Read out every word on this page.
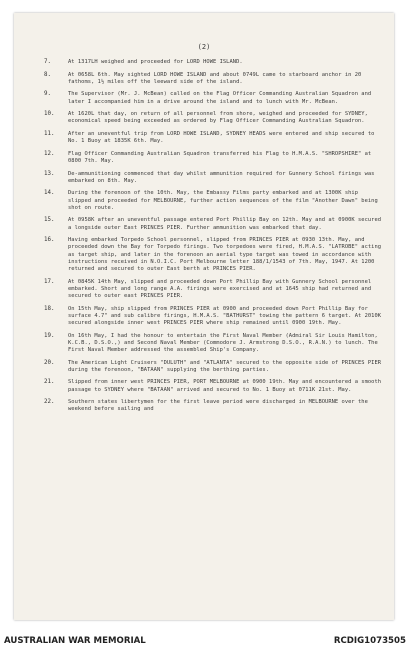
(2)
7.	At 1317LH weighed and proceeded for LORD HOWE ISLAND.
8.	At 0658L 6th. May sighted LORD HOWE ISLAND and about 0749L came to starboard anchor in 20 fathoms, 1½ miles off the leeward side of the island.
9.	The Supervisor (Mr. J. McBean) called on the Flag Officer Commanding Australian Squadron and later I accompanied him in a drive around the island and to lunch with Mr. McBean.
10.	At 1620L that day, on return of all personnel from shore, weighed and proceeded for SYDNEY, economical speed being exceeded as ordered by Flag Officer Commanding Australian Squadron.
11.	After an uneventful trip from LORD HOWE ISLAND, SYDNEY HEADS were entered and ship secured to No. 1 Buoy at 1835K 6th. May.
12.	Flag Officer Commanding Australian Squadron transferred his Flag to H.M.A.S. "SHROPSHIRE" at 0800 7th. May.
13.	De-ammunitioning commenced that day whilst ammunition required for Gunnery School firings was embarked on 8th. May.
14.	During the forenoon of the 10th. May, the Embassy Films party embarked and at 1300K ship slipped and proceeded for MELBOURNE, further action sequences of the film "Another Dawn" being shot on route.
15.	At 0958K after an uneventful passage entered Port Phillip Bay on 12th. May and at 0900K secured a longside outer East PRINCES PIER. Further ammunition was embarked that day.
16.	Having embarked Torpedo School personnel, slipped from PRINCES PIER at 0930 13th. May, and proceeded down the Bay for Torpedo firings. Two torpedoes were fired, H.M.A.S. "LATROBE" acting as target ship, and later in the forenoon an aerial type target was towed in accordance with instructions received in N.O.I.C. Port Melbourne letter 188/1/1543 of 7th. May, 1947. At 1200 returned and secured to outer East berth at PRINCES PIER.
17.	At 0845K 14th May, slipped and proceeded down Port Phillip Bay with Gunnery School personnel embarked. Short and long range A.A. firings were exercised and at 1645 ship had returned and secured to outer east PRINCES PIER.
18.	On 15th May, ship slipped from PRINCES PIER at 0900 and proceeded down Port Phillip Bay for surface 4.7" and sub calibre firings, H.M.A.S. "BATHURST" towing the pattern 6 target. At 2010K secured alongside inner west PRINCES PIER where ship remained until 0900 19th. May.
19.	On 16th May, I had the honour to entertain the First Naval Member (Admiral Sir Louis Hamilton, K.C.B., D.S.O.,) and Second Naval Member (Commodore J. Armstrong D.S.O., R.A.N.) to lunch. The First Naval Member addressed the assembled Ship's Company.
20.	The American Light Cruisers "DULUTH" and "ATLANTA" secured to the opposite side of PRINCES PIER during the forenoon, "BATAAN" supplying the berthing parties.
21.	Slipped from inner west PRINCES PIER, PORT MELBOURNE at 0900 19th. May and encountered a smooth passage to SYDNEY where "BATAAN" arrived and secured to No. 1 Buoy at 0711K 21st. May.
22.	Southern states libertymen for the first leave period were discharged in MELBOURNE over the weekend before sailing and
AUSTRALIAN WAR MEMORIAL	RCDIG1073505
